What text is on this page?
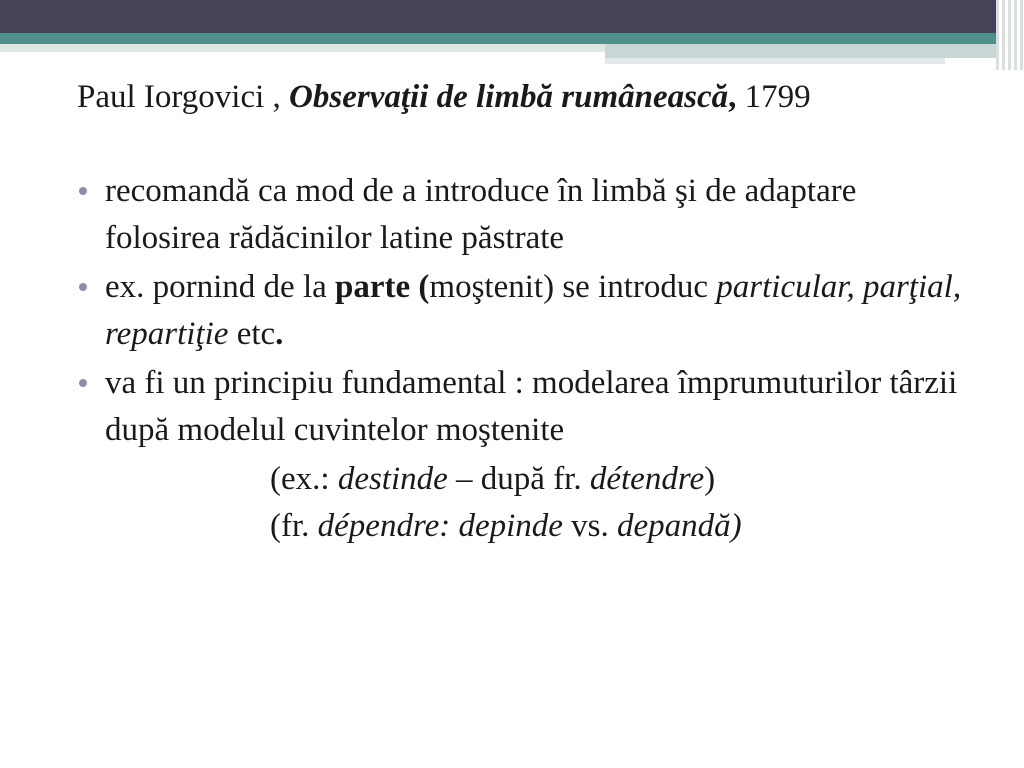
Paul Iorgovici , Observaţii de limbă rumânească, 1799

recomandă ca mod de a introduce în limbă şi de adaptare folosirea rădăcinilor latine păstrate
ex. pornind de la parte (moştenit) se introduc particular, parţial, repartiţie etc.
va fi un principiu fundamental : modelarea împrumuturilor târzii după modelul cuvintelor moştenite

(ex.: destinde – după fr. détendre)

(fr. dépendre: depinde vs. depandă)
